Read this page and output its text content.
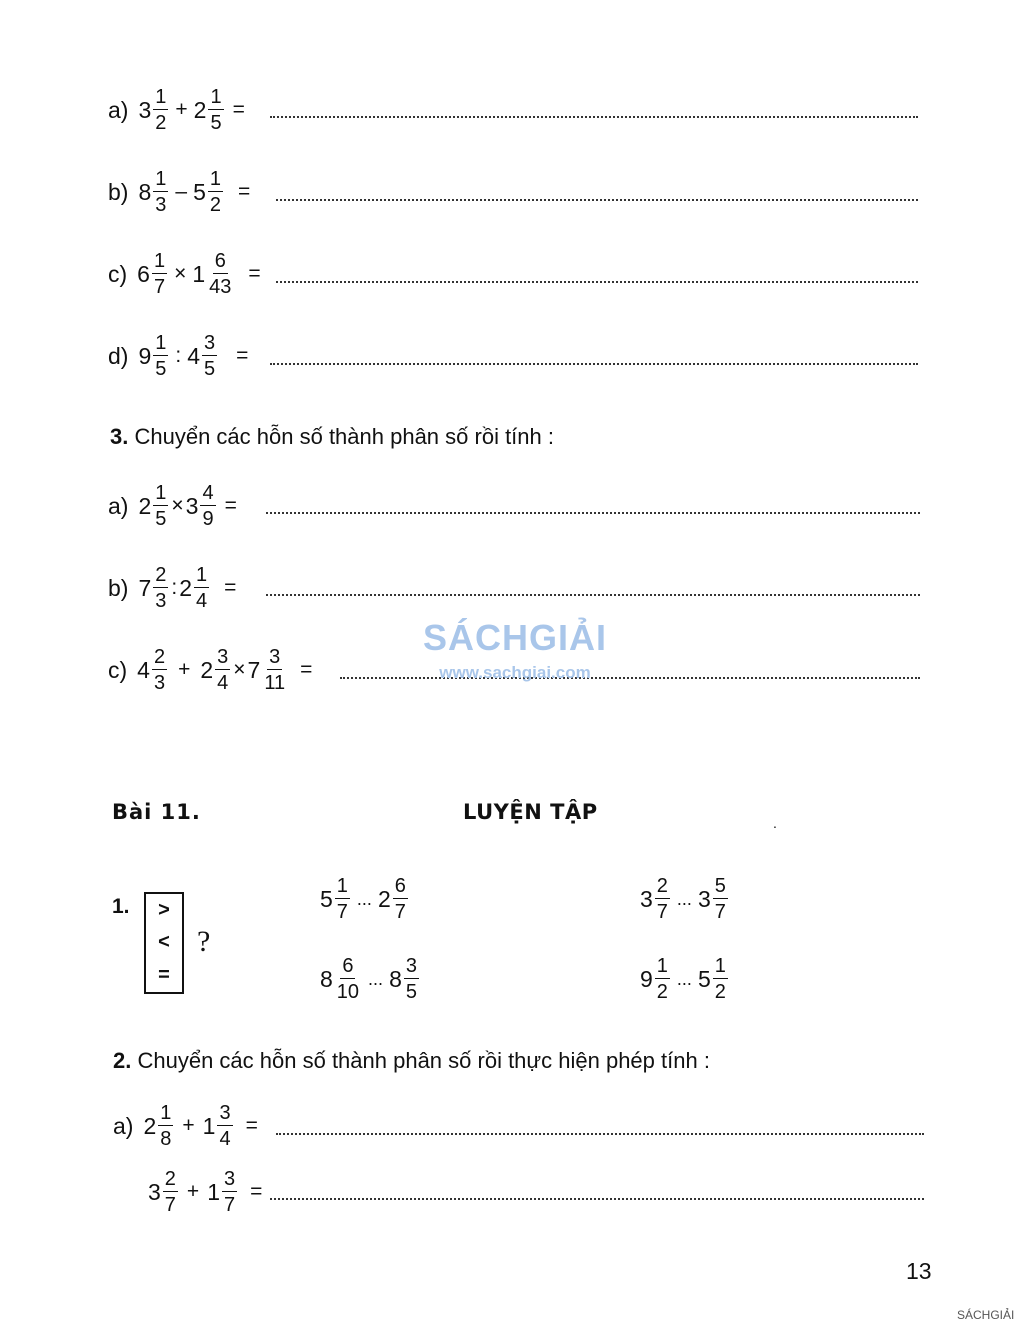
a) $3 \frac{1}{2} + 2 \frac{1}{5}$ =
b) $8 \frac{1}{3} - 5 \frac{1}{2}$ =
c) $6 \frac{1}{7} \times 1 \frac{6}{43}$ =
d) $9 \frac{1}{5}$ : $4 \frac{3}{5}$ =
3. Chuyển các hỗn số thành phân số rồi tính :
a) $2 \frac{1}{5} \times 3 \frac{4}{9}$ =
b) $7 \frac{2}{3}$ : $2 \frac{1}{4}$ =
c) $4 \frac{2}{3} + 2 \frac{3}{4} \times 7 \frac{3}{11}$ =
SÁCHGIẢI
www.sachgiai.com
Bài 11.	LUYỆN TẬP	.
1. >
<
=
?
$5 \frac{1}{7}$ ... $2 \frac{6}{7}$	$3 \frac{2}{7}$ ... $3 \frac{5}{7}$
$8 \frac{6}{10}$ ... $8 \frac{3}{5}$	$9 \frac{1}{2}$ ... $5 \frac{1}{2}$
2. Chuyển các hỗn số thành phân số rồi thực hiện phép tính :
a) $2 \frac{1}{8} + 1 \frac{3}{4}$ =
$3 \frac{2}{7} + 1 \frac{3}{7}$ =
13
SÁCHGIẢI
